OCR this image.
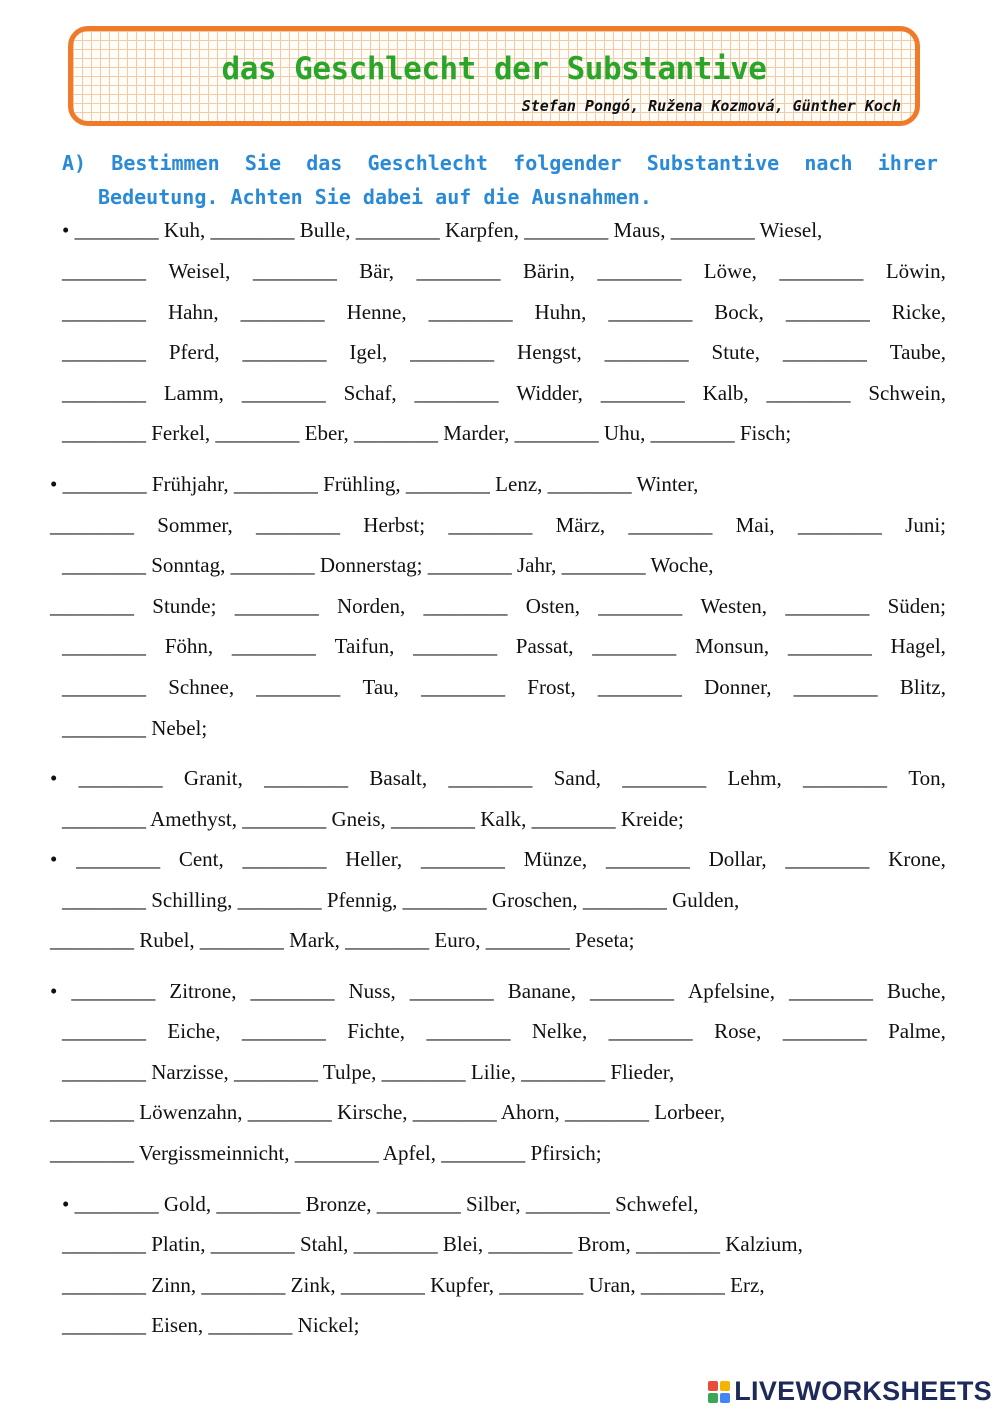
das Geschlecht der Substantive
Stefan Pongó, Ružena Kozmová, Günther Koch
A) Bestimmen Sie das Geschlecht folgender Substantive nach ihrer
Bedeutung. Achten Sie dabei auf die Ausnahmen.
• ________ Kuh, ________ Bulle, ________ Karpfen, ________ Maus, ________ Wiesel,
________ Weisel, ________ Bär, ________ Bärin, ________ Löwe, ________ Löwin,
________ Hahn, ________ Henne, ________ Huhn, ________ Bock, ________ Ricke,
________ Pferd, ________ Igel, ________ Hengst, ________ Stute, ________ Taube,
________ Lamm, ________ Schaf, ________ Widder, ________ Kalb, ________ Schwein,
________ Ferkel, ________ Eber, ________ Marder, ________ Uhu, ________ Fisch;
• ________ Frühjahr, ________ Frühling, ________ Lenz, ________ Winter,
________ Sommer, ________ Herbst; ________ März, ________ Mai, ________ Juni;
________ Sonntag, ________ Donnerstag; ________ Jahr, ________ Woche,
________ Stunde; ________ Norden, ________ Osten, ________ Westen, ________ Süden;
________ Föhn, ________ Taifun, ________ Passat, ________ Monsun, ________ Hagel,
________ Schnee, ________ Tau, ________ Frost, ________ Donner, ________ Blitz,
________ Nebel;
• ________ Granit, ________ Basalt, ________ Sand, ________ Lehm, ________ Ton,
________ Amethyst, ________ Gneis, ________ Kalk, ________ Kreide;
• ________ Cent, ________ Heller, ________ Münze, ________ Dollar, ________ Krone,
________ Schilling, ________ Pfennig, ________ Groschen, ________ Gulden,
________ Rubel, ________ Mark, ________ Euro, ________ Peseta;
• ________ Zitrone, ________ Nuss, ________ Banane, ________ Apfelsine, ________ Buche,
________ Eiche, ________ Fichte, ________ Nelke, ________ Rose, ________ Palme,
________ Narzisse, ________ Tulpe, ________ Lilie, ________ Flieder,
________ Löwenzahn, ________ Kirsche, ________ Ahorn, ________ Lorbeer,
________ Vergissmeinnicht, ________ Apfel, ________ Pfirsich;
• ________ Gold, ________ Bronze, ________ Silber, ________ Schwefel,
________ Platin, ________ Stahl, ________ Blei, ________ Brom, ________ Kalzium,
________ Zinn, ________ Zink, ________ Kupfer, ________ Uran, ________ Erz,
________ Eisen, ________ Nickel;
LIVEWORKSHEETS
